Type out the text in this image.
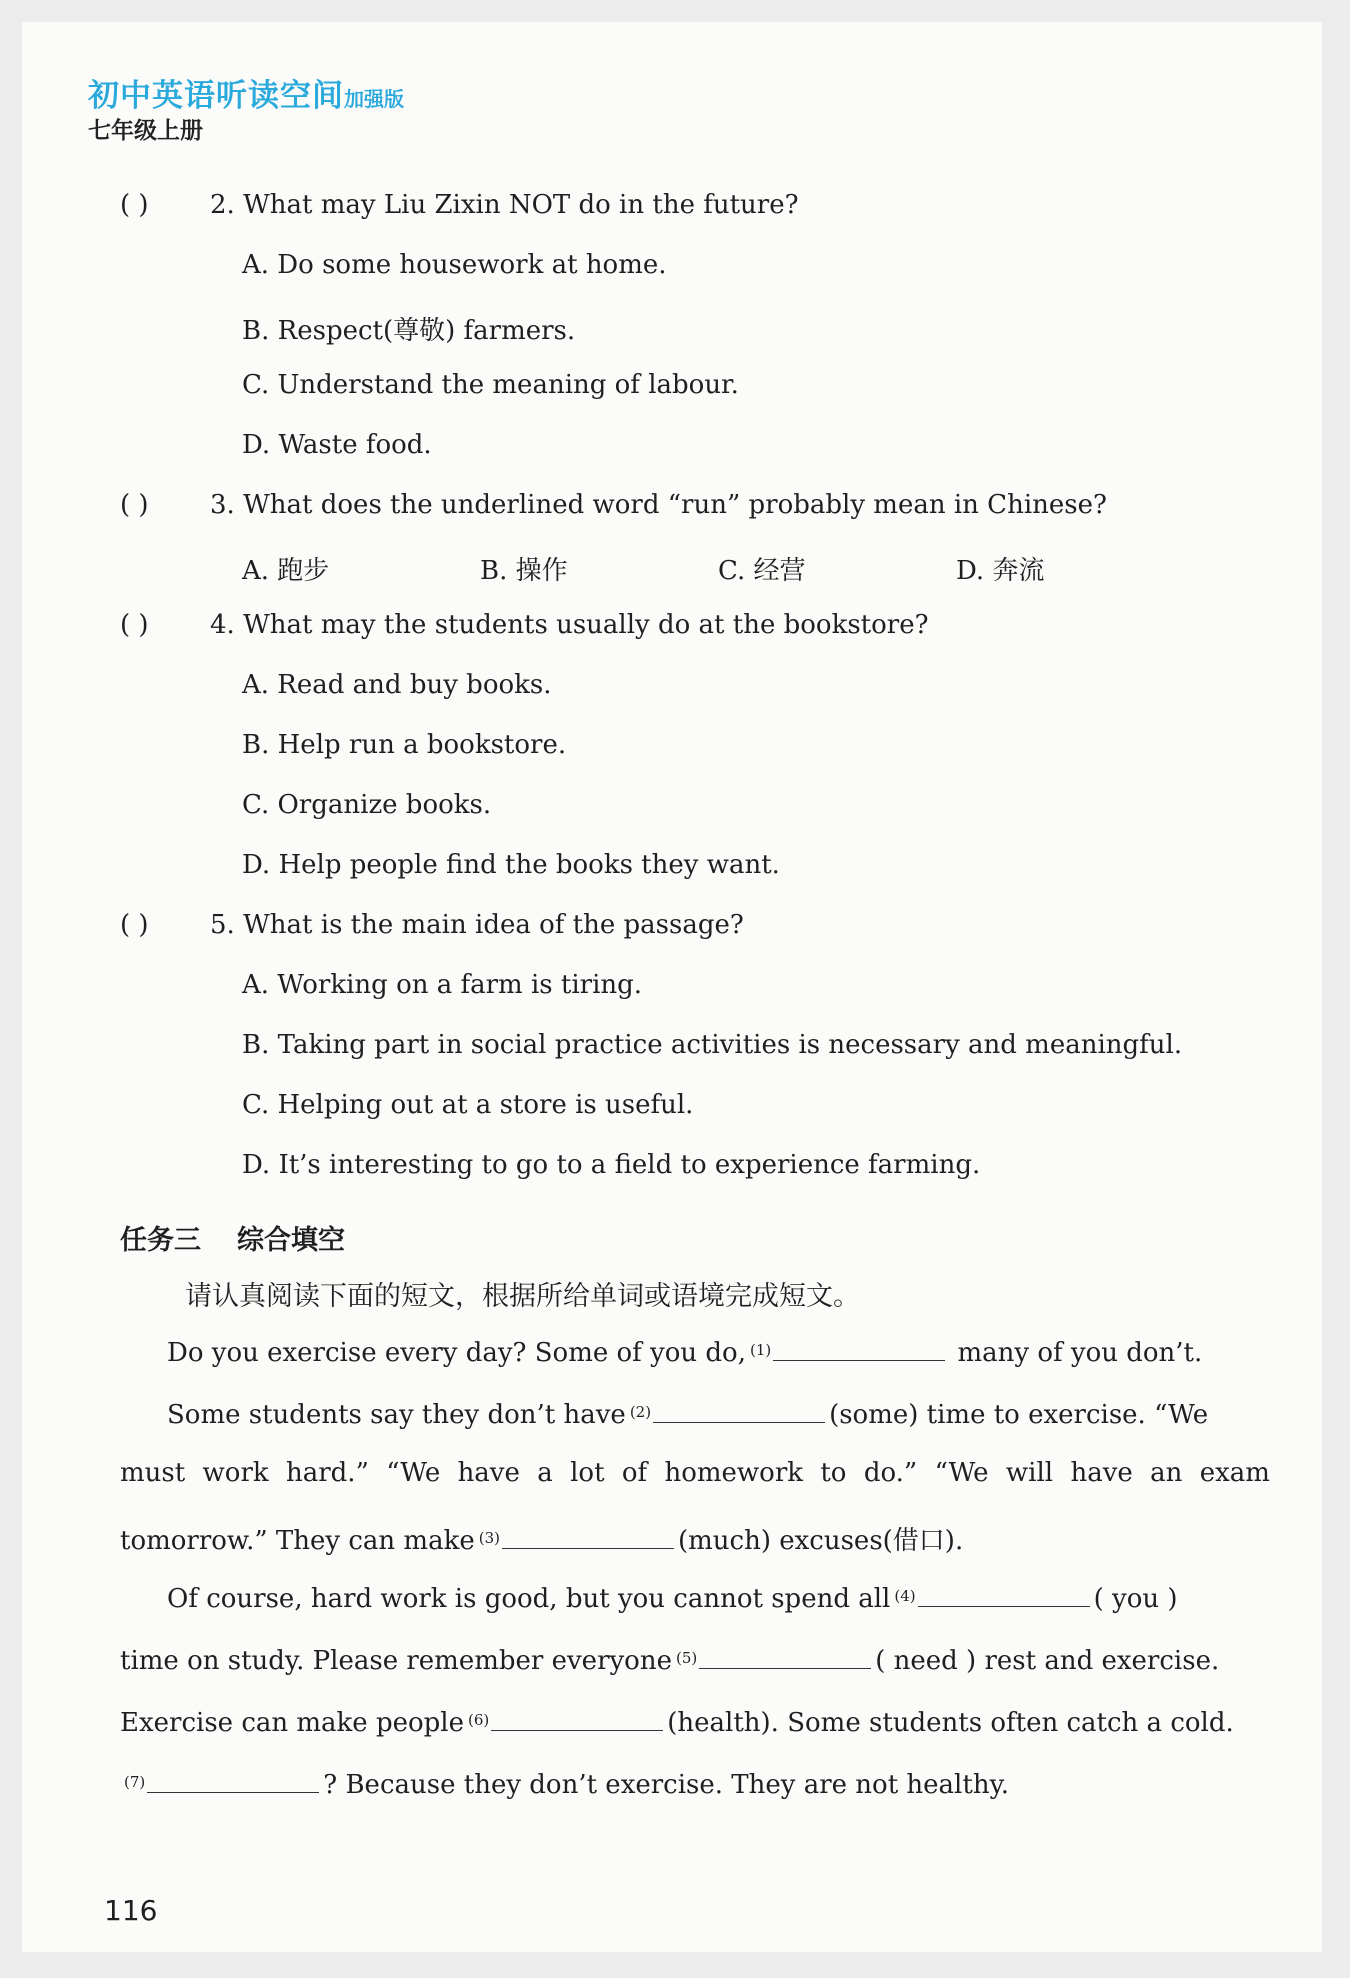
初中英语听读空间加强版
七年级上册
( ) 2. What may Liu Zixin NOT do in the future?
A. Do some housework at home.
B. Respect(尊敬) farmers.
C. Understand the meaning of labour.
D. Waste food.
( ) 3. What does the underlined word “run” probably mean in Chinese?
A. 跑步	B. 操作	C. 经营	D. 奔流
( ) 4. What may the students usually do at the bookstore?
A. Read and buy books.
B. Help run a bookstore.
C. Organize books.
D. Help people find the books they want.
( ) 5. What is the main idea of the passage?
A. Working on a farm is tiring.
B. Taking part in social practice activities is necessary and meaningful.
C. Helping out at a store is useful.
D. It’s interesting to go to a field to experience farming.
任务三 综合填空
请认真阅读下面的短文，根据所给单词或语境完成短文。
Do you exercise every day? Some of you do, $^{(1)}$	many of you don’t.
Some students say they don’t have $^{(2)}$	(some) time to exercise. “We
must work hard.” “We have a lot of homework to do.” “We will have an exam
tomorrow.” They can make $^{(3)}$	(much) excuses(借口).
Of course, hard work is good, but you cannot spend all $^{(4)}$	( you )
time on study. Please remember everyone $^{(5)}$	( need ) rest and exercise.
Exercise can make people $^{(6)}$	(health). Some students often catch a cold.
$^{(7)}$	? Because they don’t exercise. They are not healthy.
116
